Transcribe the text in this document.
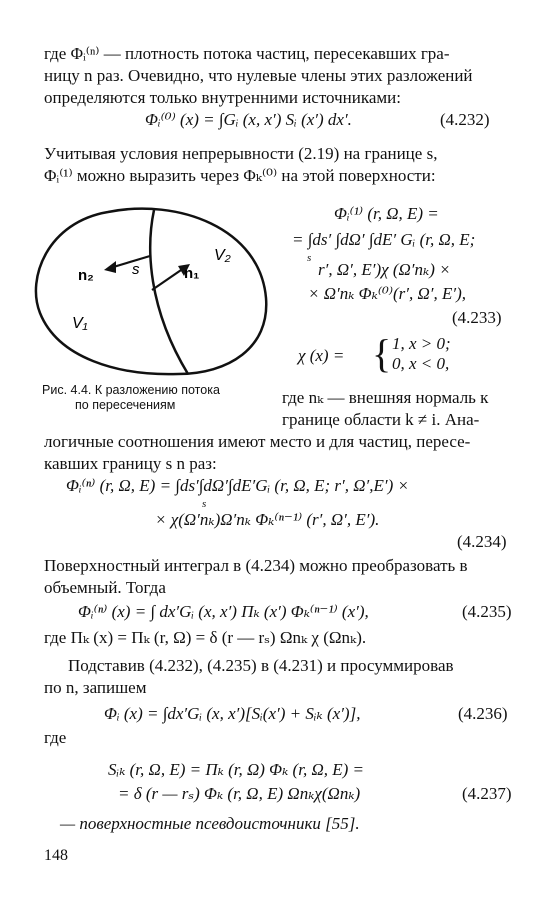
где Φᵢ⁽ⁿ⁾ — плотность потока частиц, пересекавших гра-
ницу n раз. Очевидно, что нулевые члены этих разложений
определяются только внутренними источниками:
Φᵢ⁽⁰⁾ (x) = ∫Gᵢ (x, x′) Sᵢ (x′) dx′.	(4.232)
Учитывая условия непрерывности (2.19) на границе s,
Φᵢ⁽¹⁾ можно выразить через Φₖ⁽⁰⁾ на этой поверхности:
n₂	s	n₁
V₂
V₁
Рис. 4.4. К разложению потока
по пересечениям
Φᵢ⁽¹⁾ (r, Ω, E) =
= ∫ds′ ∫dΩ′ ∫dE′ Gᵢ (r, Ω, E;
s
r′, Ω′, E′)χ (Ω′nₖ) ×
× Ω′nₖ Φₖ⁽⁰⁾(r′, Ω′, E′),
(4.233)
χ (x) = { 1, x > 0;
0, x < 0,
где nₖ — внешняя нормаль к
границе области k ≠ i. Ана-
логичные соотношения имеют место и для частиц, пересе-
кавших границу s n раз:
Φᵢ⁽ⁿ⁾ (r, Ω, E) = ∫ds′∫dΩ′∫dE′Gᵢ (r, Ω, E; r′, Ω′,E′) ×
s
× χ(Ω′nₖ)Ω′nₖ Φₖ⁽ⁿ⁻¹⁾ (r′, Ω′, E′).
(4.234)
Поверхностный интеграл в (4.234) можно преобразовать в
объемный. Тогда
Φᵢ⁽ⁿ⁾ (x) = ∫ dx′Gᵢ (x, x′) Πₖ (x′) Φₖ⁽ⁿ⁻¹⁾ (x′),	(4.235)
где Πₖ (x) = Πₖ (r, Ω) = δ (r — rₛ) Ωnₖ χ (Ωnₖ).
Подставив (4.232), (4.235) в (4.231) и просуммировав
по n, запишем
Φᵢ (x) = ∫dx′Gᵢ (x, x′)[Sᵢ(x′) + Sᵢₖ (x′)],	(4.236)
где
Sᵢₖ (r, Ω, E) = Πₖ (r, Ω) Φₖ (r, Ω, E) =
= δ (r — rₛ) Φₖ (r, Ω, E) Ωnₖχ(Ωnₖ)	(4.237)
— поверхностные псевдоисточники [55].
148
